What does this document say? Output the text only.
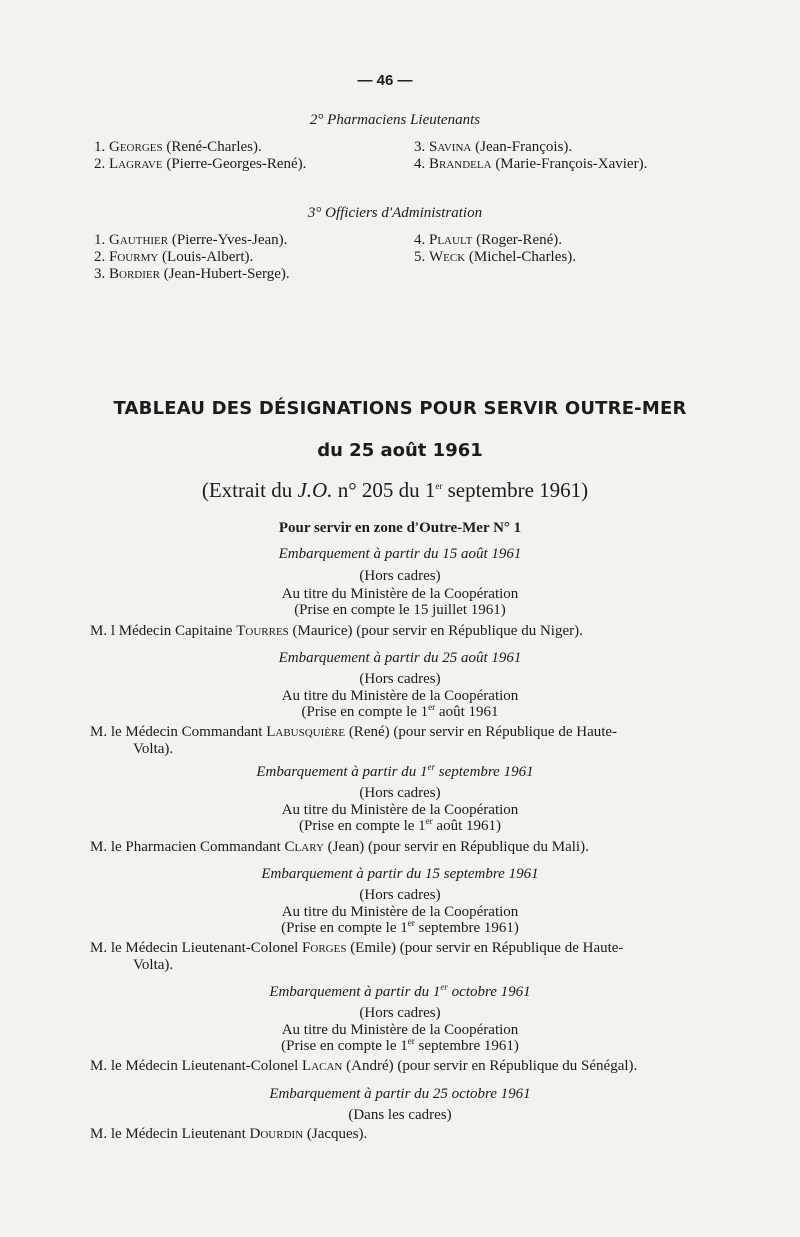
— 46 —
2° Pharmaciens Lieutenants
1. Georges (René-Charles).
2. Lagrave (Pierre-Georges-René).
3. Savina (Jean-François).
4. Brandela (Marie-François-Xavier).
3° Officiers d'Administration
1. Gauthier (Pierre-Yves-Jean).
2. Fourmy (Louis-Albert).
3. Bordier (Jean-Hubert-Serge).
4. Plault (Roger-René).
5. Weck (Michel-Charles).
TABLEAU DES DÉSIGNATIONS POUR SERVIR OUTRE-MER
du 25 août 1961
(Extrait du J.O. n° 205 du 1er septembre 1961)
Pour servir en zone d'Outre-Mer N° 1
Embarquement à partir du 15 août 1961
(Hors cadres)
Au titre du Ministère de la Coopération
(Prise en compte le 15 juillet 1961)
M. l Médecin Capitaine Tourres (Maurice) (pour servir en République du Niger).
Embarquement à partir du 25 août 1961
(Hors cadres)
Au titre du Ministère de la Coopération
(Prise en compte le 1er août 1961
M. le Médecin Commandant Labusquière (René) (pour servir en République de Haute-
Volta).
Embarquement à partir du 1er septembre 1961
(Hors cadres)
Au titre du Ministère de la Coopération
(Prise en compte le 1er août 1961)
M. le Pharmacien Commandant Clary (Jean) (pour servir en République du Mali).
Embarquement à partir du 15 septembre 1961
(Hors cadres)
Au titre du Ministère de la Coopération
(Prise en compte le 1er septembre 1961)
M. le Médecin Lieutenant-Colonel Forges (Emile) (pour servir en République de Haute-
Volta).
Embarquement à partir du 1er octobre 1961
(Hors cadres)
Au titre du Ministère de la Coopération
(Prise en compte le 1er septembre 1961)
M. le Médecin Lieutenant-Colonel Lacan (André) (pour servir en République du Sénégal).
Embarquement à partir du 25 octobre 1961
(Dans les cadres)
M. le Médecin Lieutenant Dourdin (Jacques).
